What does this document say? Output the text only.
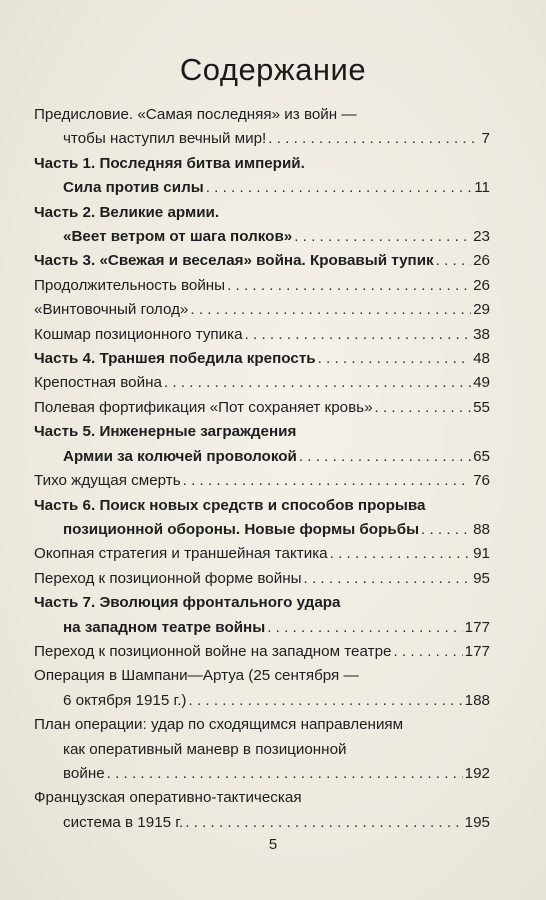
Содержание
Предисловие. «Самая последняя» из войн —
чтобы наступил вечный мир! . . .	7
Часть 1. Последняя битва империй.
Сила против силы . . .	11
Часть 2. Великие армии.
«Веет ветром от шага полков» . . .	23
Часть 3. «Свежая и веселая» война. Кровавый тупик . . .	26
Продолжительность войны . . .	26
«Винтовочный голод» . . .	29
Кошмар позиционного тупика . . .	38
Часть 4. Траншея победила крепость . . .	48
Крепостная война . . .	49
Полевая фортификация «Пот сохраняет кровь» . . .	55
Часть 5. Инженерные заграждения
Армии за колючей проволокой . . .	65
Тихо ждущая смерть . . .	76
Часть 6. Поиск новых средств и способов прорыва
позиционной обороны. Новые формы борьбы . . .	88
Окопная стратегия и траншейная тактика . . .	91
Переход к позиционной форме войны . . .	95
Часть 7. Эволюция фронтального удара
на западном театре войны . . .	177
Переход к позиционной войне на западном театре . . .	177
Операция в Шампани—Артуа (25 сентября —
6 октября 1915 г.) . . .	188
План операции: удар по сходящимся направлениям
как оперативный маневр в позиционной
войне . . .	192
Французская оперативно-тактическая
система в 1915 г. . . .	195
5
